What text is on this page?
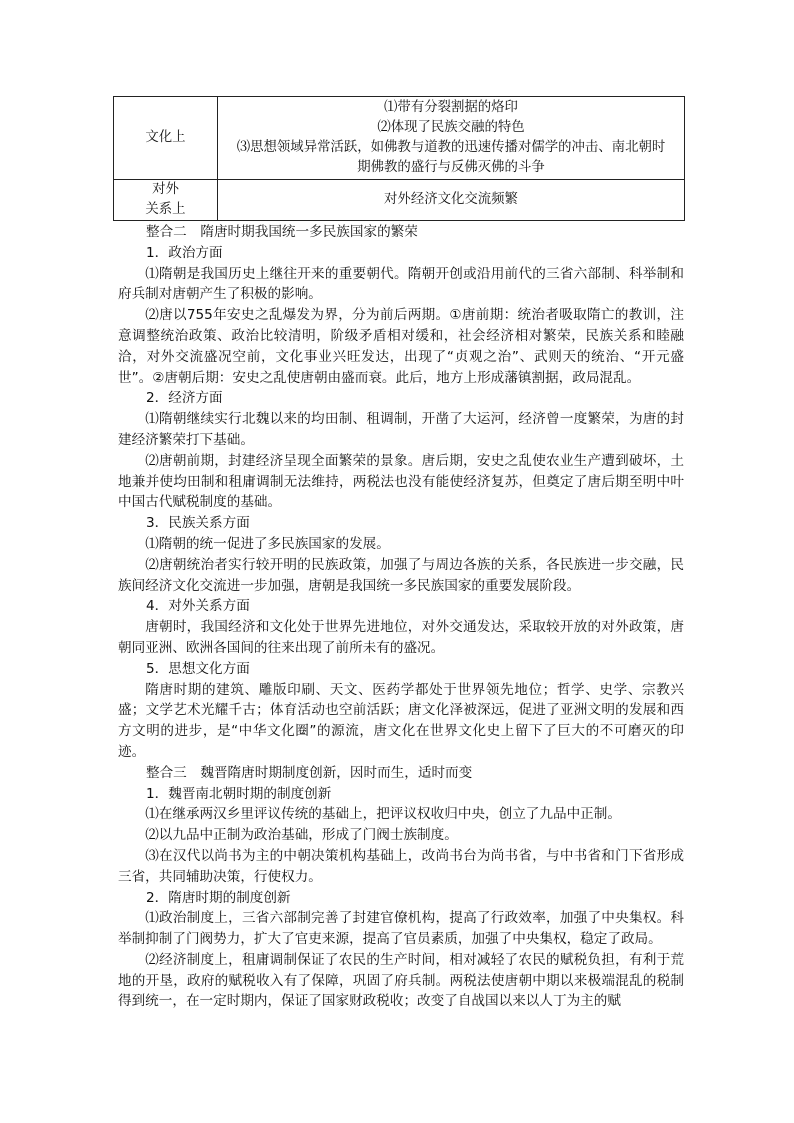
文化上	⑴带有分裂割据的烙印
⑵体现了民族交融的特色
⑶思想领域异常活跃，如佛教与道教的迅速传播对儒学的冲击、南北朝时
期佛教的盛行与反佛灭佛的斗争

对外
关系上	对外经济文化交流频繁

整合二　隋唐时期我国统一多民族国家的繁荣

1．政治方面

⑴隋朝是我国历史上继往开来的重要朝代。隋朝开创或沿用前代的三省六部制、科举制和府兵制对唐朝产生了积极的影响。

⑵唐以755年安史之乱爆发为界，分为前后两期。①唐前期：统治者吸取隋亡的教训，注意调整统治政策、政治比较清明，阶级矛盾相对缓和，社会经济相对繁荣，民族关系和睦融洽，对外交流盛况空前，文化事业兴旺发达，出现了“贞观之治”、武则天的统治、“开元盛世”。②唐朝后期：安史之乱使唐朝由盛而衰。此后，地方上形成藩镇割据，政局混乱。

2．经济方面

⑴隋朝继续实行北魏以来的均田制、租调制，开凿了大运河，经济曾一度繁荣，为唐的封建经济繁荣打下基础。

⑵唐朝前期，封建经济呈现全面繁荣的景象。唐后期，安史之乱使农业生产遭到破坏，土地兼并使均田制和租庸调制无法维持，两税法也没有能使经济复苏，但奠定了唐后期至明中叶中国古代赋税制度的基础。

3．民族关系方面

⑴隋朝的统一促进了多民族国家的发展。

⑵唐朝统治者实行较开明的民族政策，加强了与周边各族的关系，各民族进一步交融，民族间经济文化交流进一步加强，唐朝是我国统一多民族国家的重要发展阶段。

4．对外关系方面

唐朝时，我国经济和文化处于世界先进地位，对外交通发达，采取较开放的对外政策，唐朝同亚洲、欧洲各国间的往来出现了前所未有的盛况。

5．思想文化方面

隋唐时期的建筑、雕版印刷、天文、医药学都处于世界领先地位；哲学、史学、宗教兴盛；文学艺术光耀千古；体育活动也空前活跃；唐文化泽被深远，促进了亚洲文明的发展和西方文明的进步，是“中华文化圈”的源流，唐文化在世界文化史上留下了巨大的不可磨灭的印迹。

整合三　魏晋隋唐时期制度创新，因时而生，适时而变

1．魏晋南北朝时期的制度创新

⑴在继承两汉乡里评议传统的基础上，把评议权收归中央，创立了九品中正制。

⑵以九品中正制为政治基础，形成了门阀士族制度。

⑶在汉代以尚书为主的中朝决策机构基础上，改尚书台为尚书省，与中书省和门下省形成三省，共同辅助决策，行使权力。

2．隋唐时期的制度创新

⑴政治制度上，三省六部制完善了封建官僚机构，提高了行政效率，加强了中央集权。科举制抑制了门阀势力，扩大了官吏来源，提高了官员素质，加强了中央集权，稳定了政局。

⑵经济制度上，租庸调制保证了农民的生产时间，相对减轻了农民的赋税负担，有利于荒地的开垦，政府的赋税收入有了保障，巩固了府兵制。两税法使唐朝中期以来极端混乱的税制得到统一，在一定时期内，保证了国家财政税收；改变了自战国以来以人丁为主的赋
